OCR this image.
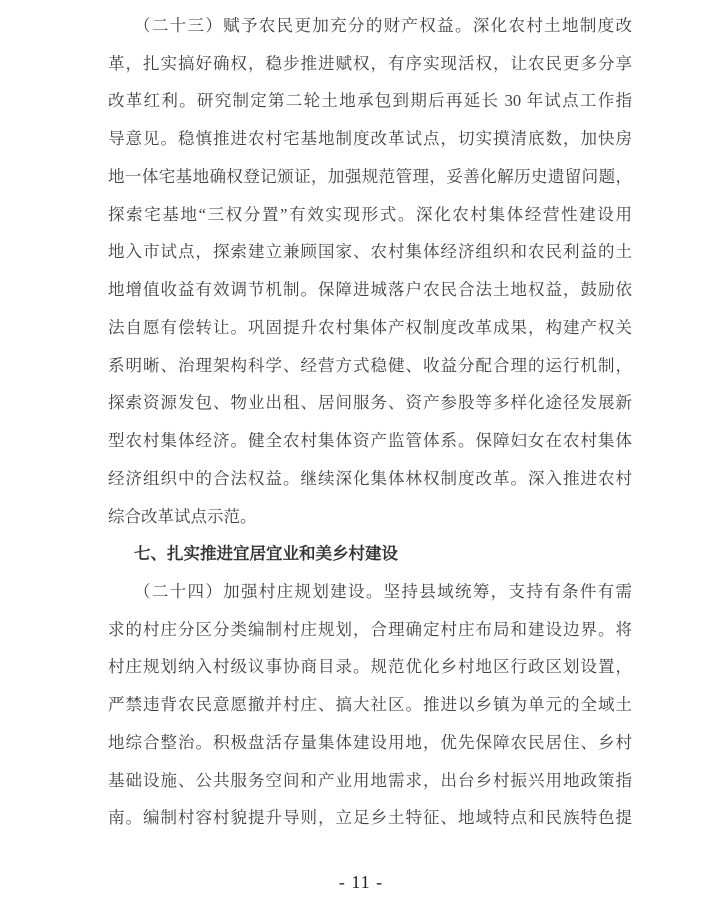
（二十三）赋予农民更加充分的财产权益。深化农村土地制度改
革，扎实搞好确权，稳步推进赋权，有序实现活权，让农民更多分享
改革红利。研究制定第二轮土地承包到期后再延长 30 年试点工作指
导意见。稳慎推进农村宅基地制度改革试点，切实摸清底数，加快房
地一体宅基地确权登记颁证，加强规范管理，妥善化解历史遗留问题，
探索宅基地“三权分置”有效实现形式。深化农村集体经营性建设用
地入市试点，探索建立兼顾国家、农村集体经济组织和农民利益的土
地增值收益有效调节机制。保障进城落户农民合法土地权益，鼓励依
法自愿有偿转让。巩固提升农村集体产权制度改革成果，构建产权关
系明晰、治理架构科学、经营方式稳健、收益分配合理的运行机制，
探索资源发包、物业出租、居间服务、资产参股等多样化途径发展新
型农村集体经济。健全农村集体资产监管体系。保障妇女在农村集体
经济组织中的合法权益。继续深化集体林权制度改革。深入推进农村
综合改革试点示范。
七、扎实推进宜居宜业和美乡村建设
（二十四）加强村庄规划建设。坚持县域统筹，支持有条件有需
求的村庄分区分类编制村庄规划，合理确定村庄布局和建设边界。将
村庄规划纳入村级议事协商目录。规范优化乡村地区行政区划设置，
严禁违背农民意愿撤并村庄、搞大社区。推进以乡镇为单元的全域土
地综合整治。积极盘活存量集体建设用地，优先保障农民居住、乡村
基础设施、公共服务空间和产业用地需求，出台乡村振兴用地政策指
南。编制村容村貌提升导则，立足乡土特征、地域特点和民族特色提
- 11 -
